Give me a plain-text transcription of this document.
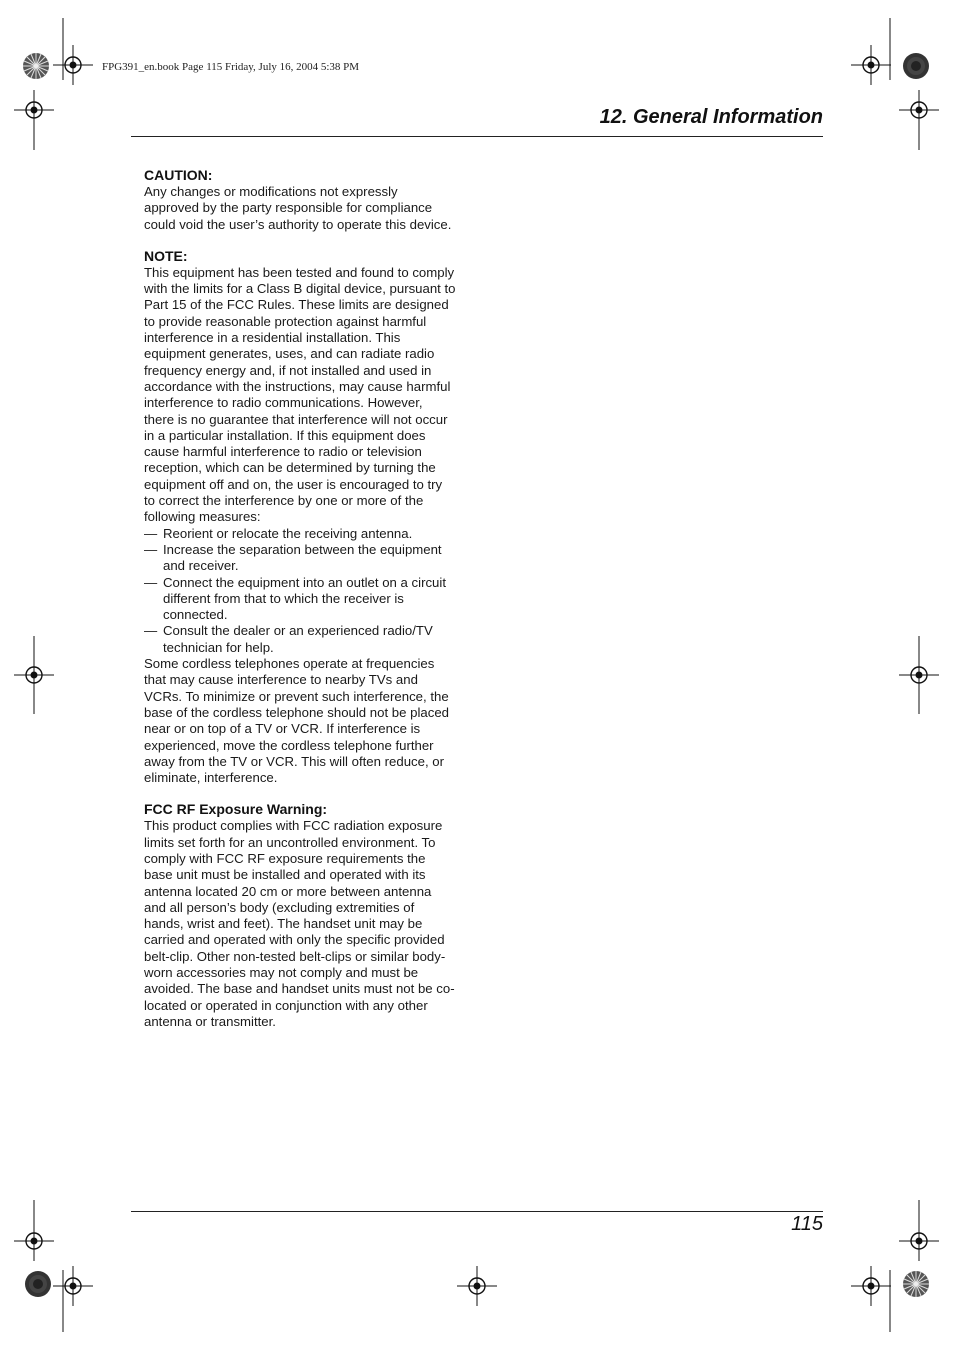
FPG391_en.book Page 115 Friday, July 16, 2004 5:38 PM
12. General Information
CAUTION:

Any changes or modifications not expressly approved by the party responsible for compliance could void the user’s authority to operate this device.

NOTE:

This equipment has been tested and found to comply with the limits for a Class B digital device, pursuant to Part 15 of the FCC Rules. These limits are designed to provide reasonable protection against harmful interference in a residential installation. This equipment generates, uses, and can radiate radio frequency energy and, if not installed and used in accordance with the instructions, may cause harmful interference to radio communications. However, there is no guarantee that interference will not occur in a particular installation. If this equipment does cause harmful interference to radio or television reception, which can be determined by turning the equipment off and on, the user is encouraged to try to correct the interference by one or more of the following measures:

— Reorient or relocate the receiving antenna.
— Increase the separation between the equipment and receiver.
— Connect the equipment into an outlet on a circuit different from that to which the receiver is connected.
— Consult the dealer or an experienced radio/TV technician for help.

Some cordless telephones operate at frequencies that may cause interference to nearby TVs and VCRs. To minimize or prevent such interference, the base of the cordless telephone should not be placed near or on top of a TV or VCR. If interference is experienced, move the cordless telephone further away from the TV or VCR. This will often reduce, or eliminate, interference.

FCC RF Exposure Warning:

This product complies with FCC radiation exposure limits set forth for an uncontrolled environment. To comply with FCC RF exposure requirements the base unit must be installed and operated with its antenna located 20 cm or more between antenna and all person’s body (excluding extremities of hands, wrist and feet). The handset unit may be carried and operated with only the specific provided belt-clip. Other non-tested belt-clips or similar body-worn accessories may not comply and must be avoided. The base and handset units must not be co-located or operated in conjunction with any other antenna or transmitter.

115
